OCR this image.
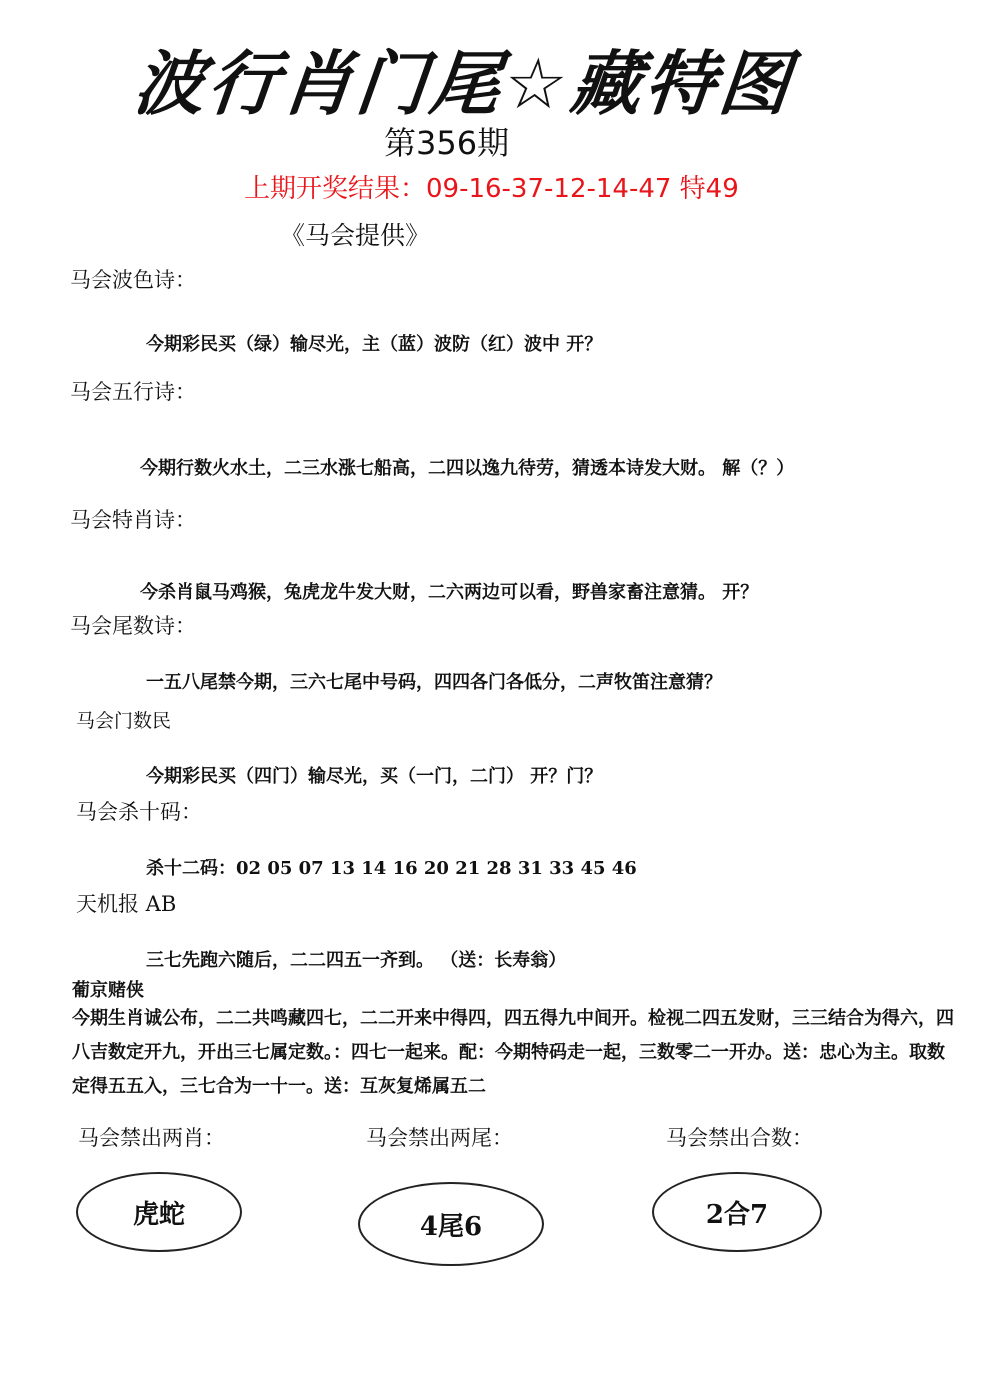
波行肖门尾☆藏特图
第356期
上期开奖结果：09-16-37-12-14-47 特49
《马会提供》
马会波色诗：
今期彩民买（绿）输尽光，主（蓝）波防（红）波中 开？
马会五行诗：
今期行数火水土，二三水涨七船高，二四以逸九待劳，猜透本诗发大财。 解（？）
马会特肖诗：
今杀肖鼠马鸡猴，兔虎龙牛发大财，二六两边可以看，野兽家畜注意猜。 开？
马会尾数诗：
一五八尾禁今期，三六七尾中号码，四四各门各低分，二声牧笛注意猜？
马会门数民
今期彩民买（四门）输尽光，买（一门，二门） 开？门？
马会杀十码：
杀十二码：02 05 07 13 14 16 20 21 28 31 33 45 46
天机报 AB
三七先跑六随后，二二四五一齐到。 （送：长寿翁）
葡京赌侠
今期生肖诚公布，二二共鸣藏四七，二二开来中得四，四五得九中间开。检视二四五发财，三三结合为得六，四八吉数定开九，开出三七属定数。：四七一起来。配：今期特码走一起，三数零二一开办。送：忠心为主。取数定得五五入，三七合为一十一。送：互灰复烯属五二
马会禁出两肖：	马会禁出两尾：	马会禁出合数：
虎蛇	4尾6	2合7
